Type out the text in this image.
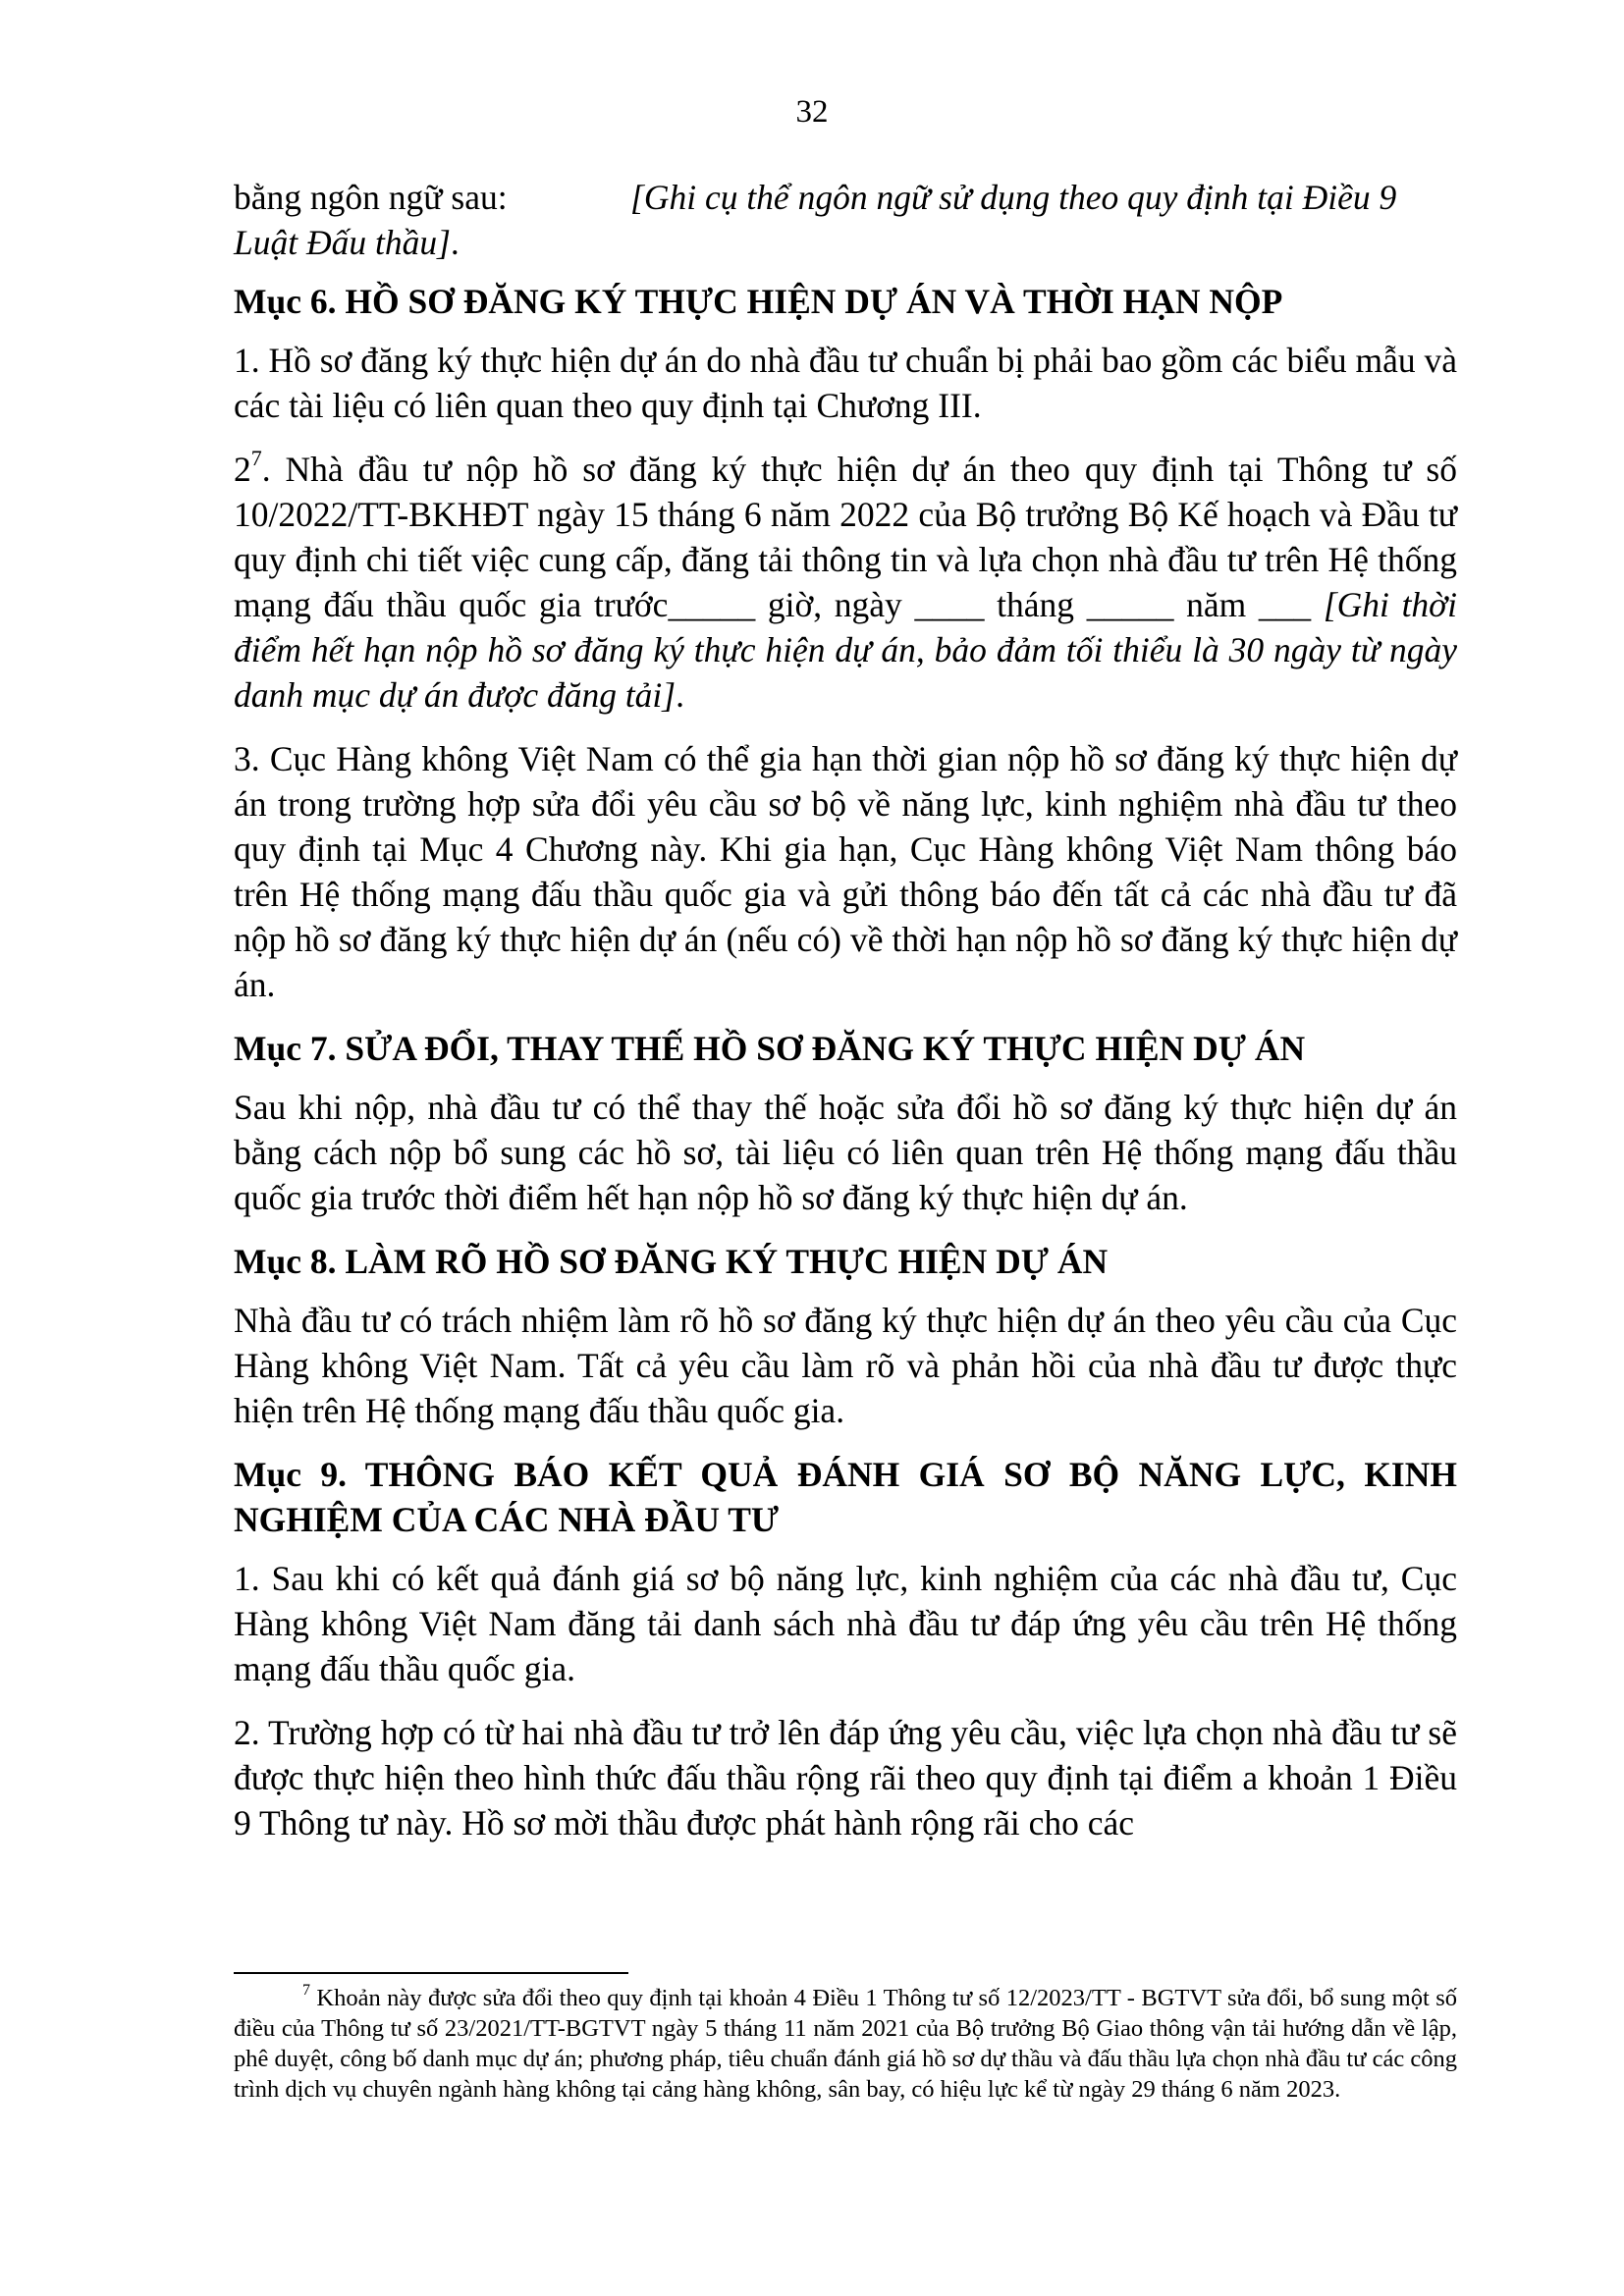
32
bằng ngôn ngữ sau:	[Ghi cụ thể ngôn ngữ sử dụng theo quy định tại Điều 9
Luật Đấu thầu].
Mục 6. HỒ SƠ ĐĂNG KÝ THỰC HIỆN DỰ ÁN VÀ THỜI HẠN NỘP
1. Hồ sơ đăng ký thực hiện dự án do nhà đầu tư chuẩn bị phải bao gồm các biểu mẫu và các tài liệu có liên quan theo quy định tại Chương III.
$2^7$. Nhà đầu tư nộp hồ sơ đăng ký thực hiện dự án theo quy định tại Thông tư số 10/2022/TT-BKHĐT ngày 15 tháng 6 năm 2022 của Bộ trưởng Bộ Kế hoạch và Đầu tư quy định chi tiết việc cung cấp, đăng tải thông tin và lựa chọn nhà đầu tư trên Hệ thống mạng đấu thầu quốc gia trước_____ giờ, ngày ____ tháng _____ năm ___ [Ghi thời điểm hết hạn nộp hồ sơ đăng ký thực hiện dự án, bảo đảm tối thiểu là 30 ngày từ ngày danh mục dự án được đăng tải].
3. Cục Hàng không Việt Nam có thể gia hạn thời gian nộp hồ sơ đăng ký thực hiện dự án trong trường hợp sửa đổi yêu cầu sơ bộ về năng lực, kinh nghiệm nhà đầu tư theo quy định tại Mục 4 Chương này. Khi gia hạn, Cục Hàng không Việt Nam thông báo trên Hệ thống mạng đấu thầu quốc gia và gửi thông báo đến tất cả các nhà đầu tư đã nộp hồ sơ đăng ký thực hiện dự án (nếu có) về thời hạn nộp hồ sơ đăng ký thực hiện dự án.
Mục 7. SỬA ĐỔI, THAY THẾ HỒ SƠ ĐĂNG KÝ THỰC HIỆN DỰ ÁN
Sau khi nộp, nhà đầu tư có thể thay thế hoặc sửa đổi hồ sơ đăng ký thực hiện dự án bằng cách nộp bổ sung các hồ sơ, tài liệu có liên quan trên Hệ thống mạng đấu thầu quốc gia trước thời điểm hết hạn nộp hồ sơ đăng ký thực hiện dự án.
Mục 8. LÀM RÕ HỒ SƠ ĐĂNG KÝ THỰC HIỆN DỰ ÁN
Nhà đầu tư có trách nhiệm làm rõ hồ sơ đăng ký thực hiện dự án theo yêu cầu của Cục Hàng không Việt Nam. Tất cả yêu cầu làm rõ và phản hồi của nhà đầu tư được thực hiện trên Hệ thống mạng đấu thầu quốc gia.
Mục 9. THÔNG BÁO KẾT QUẢ ĐÁNH GIÁ SƠ BỘ NĂNG LỰC, KINH NGHIỆM CỦA CÁC NHÀ ĐẦU TƯ
1. Sau khi có kết quả đánh giá sơ bộ năng lực, kinh nghiệm của các nhà đầu tư, Cục Hàng không Việt Nam đăng tải danh sách nhà đầu tư đáp ứng yêu cầu trên Hệ thống mạng đấu thầu quốc gia.
2. Trường hợp có từ hai nhà đầu tư trở lên đáp ứng yêu cầu, việc lựa chọn nhà đầu tư sẽ được thực hiện theo hình thức đấu thầu rộng rãi theo quy định tại điểm a khoản 1 Điều 9 Thông tư này. Hồ sơ mời thầu được phát hành rộng rãi cho các
$^7$ Khoản này được sửa đổi theo quy định tại khoản 4 Điều 1 Thông tư số 12/2023/TT - BGTVT sửa đổi, bổ sung một số điều của Thông tư số 23/2021/TT-BGTVT ngày 5 tháng 11 năm 2021 của Bộ trưởng Bộ Giao thông vận tải hướng dẫn về lập, phê duyệt, công bố danh mục dự án; phương pháp, tiêu chuẩn đánh giá hồ sơ dự thầu và đấu thầu lựa chọn nhà đầu tư các công trình dịch vụ chuyên ngành hàng không tại cảng hàng không, sân bay, có hiệu lực kể từ ngày 29 tháng 6 năm 2023.
